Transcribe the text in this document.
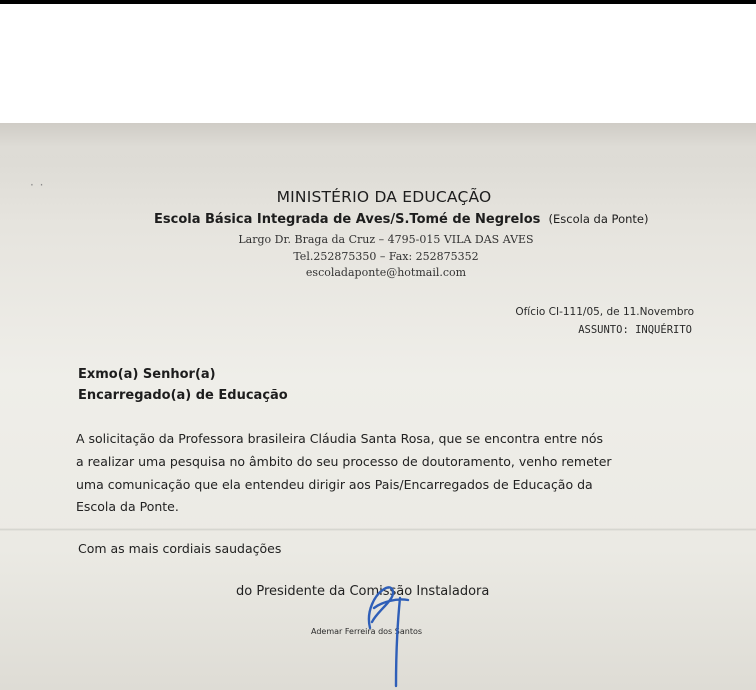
· ·
MINISTÉRIO DA EDUCAÇÃO
Escola Básica Integrada de Aves/S.Tomé de Negrelos (Escola da Ponte)
Largo Dr. Braga da Cruz – 4795-015 VILA DAS AVES
Tel.252875350 – Fax: 252875352
escoladaponte@hotmail.com
Ofício CI-111/05, de 11.Novembro
ASSUNTO: INQUÉRITO
Exmo(a) Senhor(a)
Encarregado(a) de Educação
A solicitação da Professora brasileira Cláudia Santa Rosa, que se encontra entre nós
a realizar uma pesquisa no âmbito do seu processo de doutoramento, venho remeter
uma comunicação que ela entendeu dirigir aos Pais/Encarregados de Educação da
Escola da Ponte.
Com as mais cordiais saudações
do Presidente da Comissão Instaladora
Ademar Ferreira dos Santos
